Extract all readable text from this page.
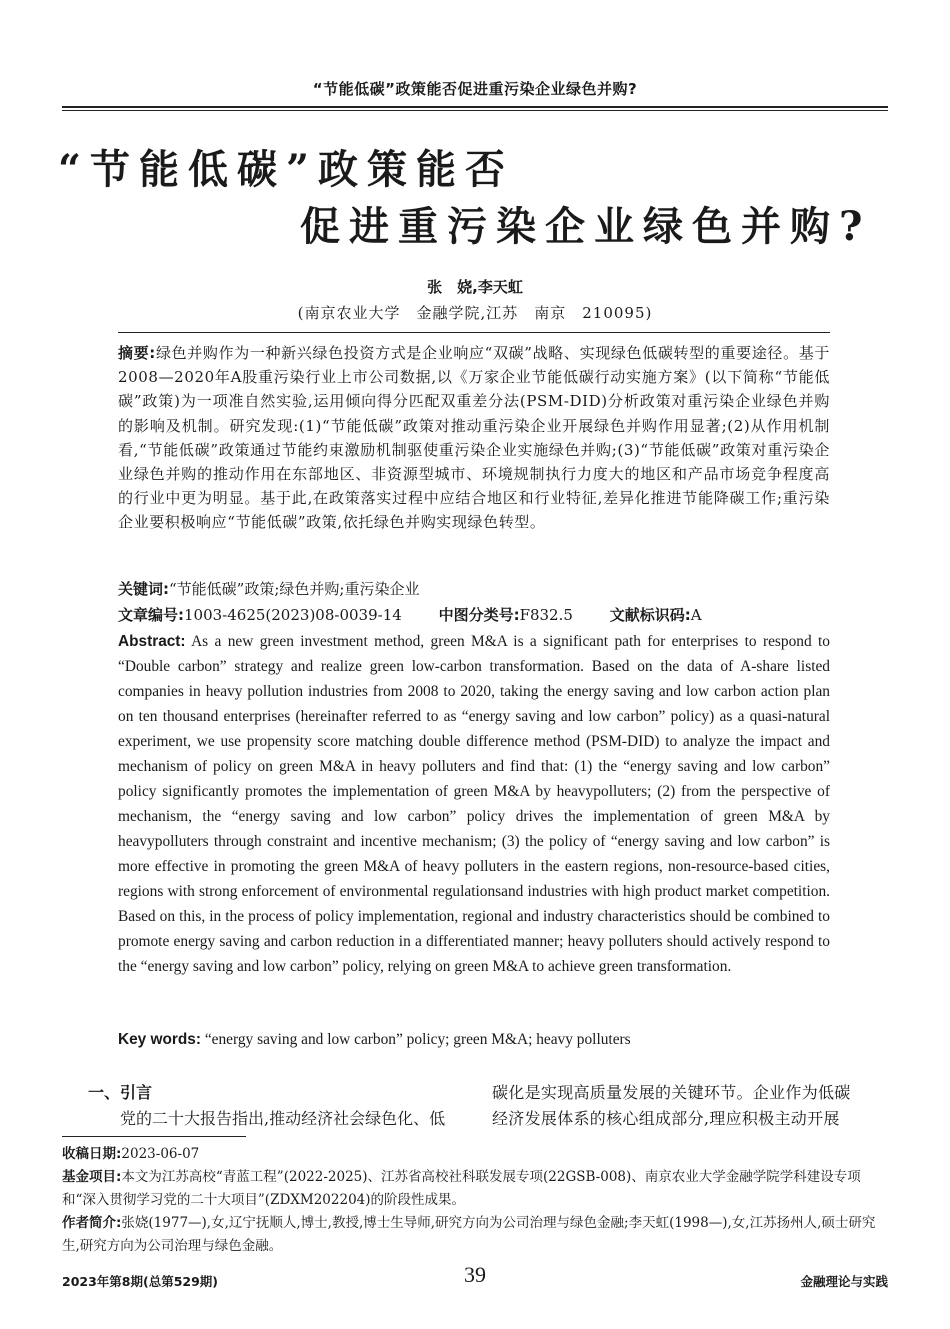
“节能低碳”政策能否促进重污染企业绿色并购?
“节能低碳”政策能否
促进重污染企业绿色并购?
张　娆,李天虹
(南京农业大学　金融学院,江苏　南京　210095)

摘要:绿色并购作为一种新兴绿色投资方式是企业响应“双碳”战略、实现绿色低碳转型的重要途径。基于2008—2020年A股重污染行业上市公司数据,以《万家企业节能低碳行动实施方案》(以下简称“节能低碳”政策)为一项准自然实验,运用倾向得分匹配双重差分法(PSM-DID)分析政策对重污染企业绿色并购的影响及机制。研究发现:(1)“节能低碳”政策对推动重污染企业开展绿色并购作用显著;(2)从作用机制看,“节能低碳”政策通过节能约束激励机制驱使重污染企业实施绿色并购;(3)“节能低碳”政策对重污染企业绿色并购的推动作用在东部地区、非资源型城市、环境规制执行力度大的地区和产品市场竞争程度高的行业中更为明显。基于此,在政策落实过程中应结合地区和行业特征,差异化推进节能降碳工作;重污染企业要积极响应“节能低碳”政策,依托绿色并购实现绿色转型。

关键词:“节能低碳”政策;绿色并购;重污染企业
文章编号:1003-4625(2023)08-0039-14 中图分类号:F832.5 文献标识码:A

Abstract: As a new green investment method, green M&A is a significant path for enterprises to respond to “Double carbon” strategy and realize green low-carbon transformation. Based on the data of A-share listed companies in heavy pollution industries from 2008 to 2020, taking the energy saving and low carbon action plan on ten thousand enterprises (hereinafter referred to as “energy saving and low carbon” policy) as a quasi-natural experiment, we use propensity score matching double difference method (PSM-DID) to analyze the impact and mechanism of policy on green M&A in heavy polluters and find that: (1) the “energy saving and low carbon” policy significantly promotes the implementation of green M&A by heavypolluters; (2) from the perspective of mechanism, the “energy saving and low carbon” policy drives the implementation of green M&A by heavypolluters through constraint and incentive mechanism; (3) the policy of “energy saving and low carbon” is more effective in promoting the green M&A of heavy polluters in the eastern regions, non-resource-based cities, regions with strong enforcement of environmental regulationsand industries with high product market competition. Based on this, in the process of policy implementation, regional and industry characteristics should be combined to promote energy saving and carbon reduction in a differentiated manner; heavy polluters should actively respond to the “energy saving and low carbon” policy, relying on green M&A to achieve green transformation.

Key words: “energy saving and low carbon” policy; green M&A; heavy polluters

一、引言

党的二十大报告指出,推动经济社会绿色化、低

碳化是实现高质量发展的关键环节。企业作为低碳

经济发展体系的核心组成部分,理应积极主动开展

收稿日期:2023-06-07

基金项目:本文为江苏高校“青蓝工程”(2022-2025)、江苏省高校社科联发展专项(22GSB-008)、南京农业大学金融学院学科建设专项和“深入贯彻学习党的二十大项目”(ZDXM202204)的阶段性成果。

作者简介:张娆(1977—),女,辽宁抚顺人,博士,教授,博士生导师,研究方向为公司治理与绿色金融;李天虹(1998—),女,江苏扬州人,硕士研究生,研究方向为公司治理与绿色金融。

2023年第8期(总第529期)	39	金融理论与实践
